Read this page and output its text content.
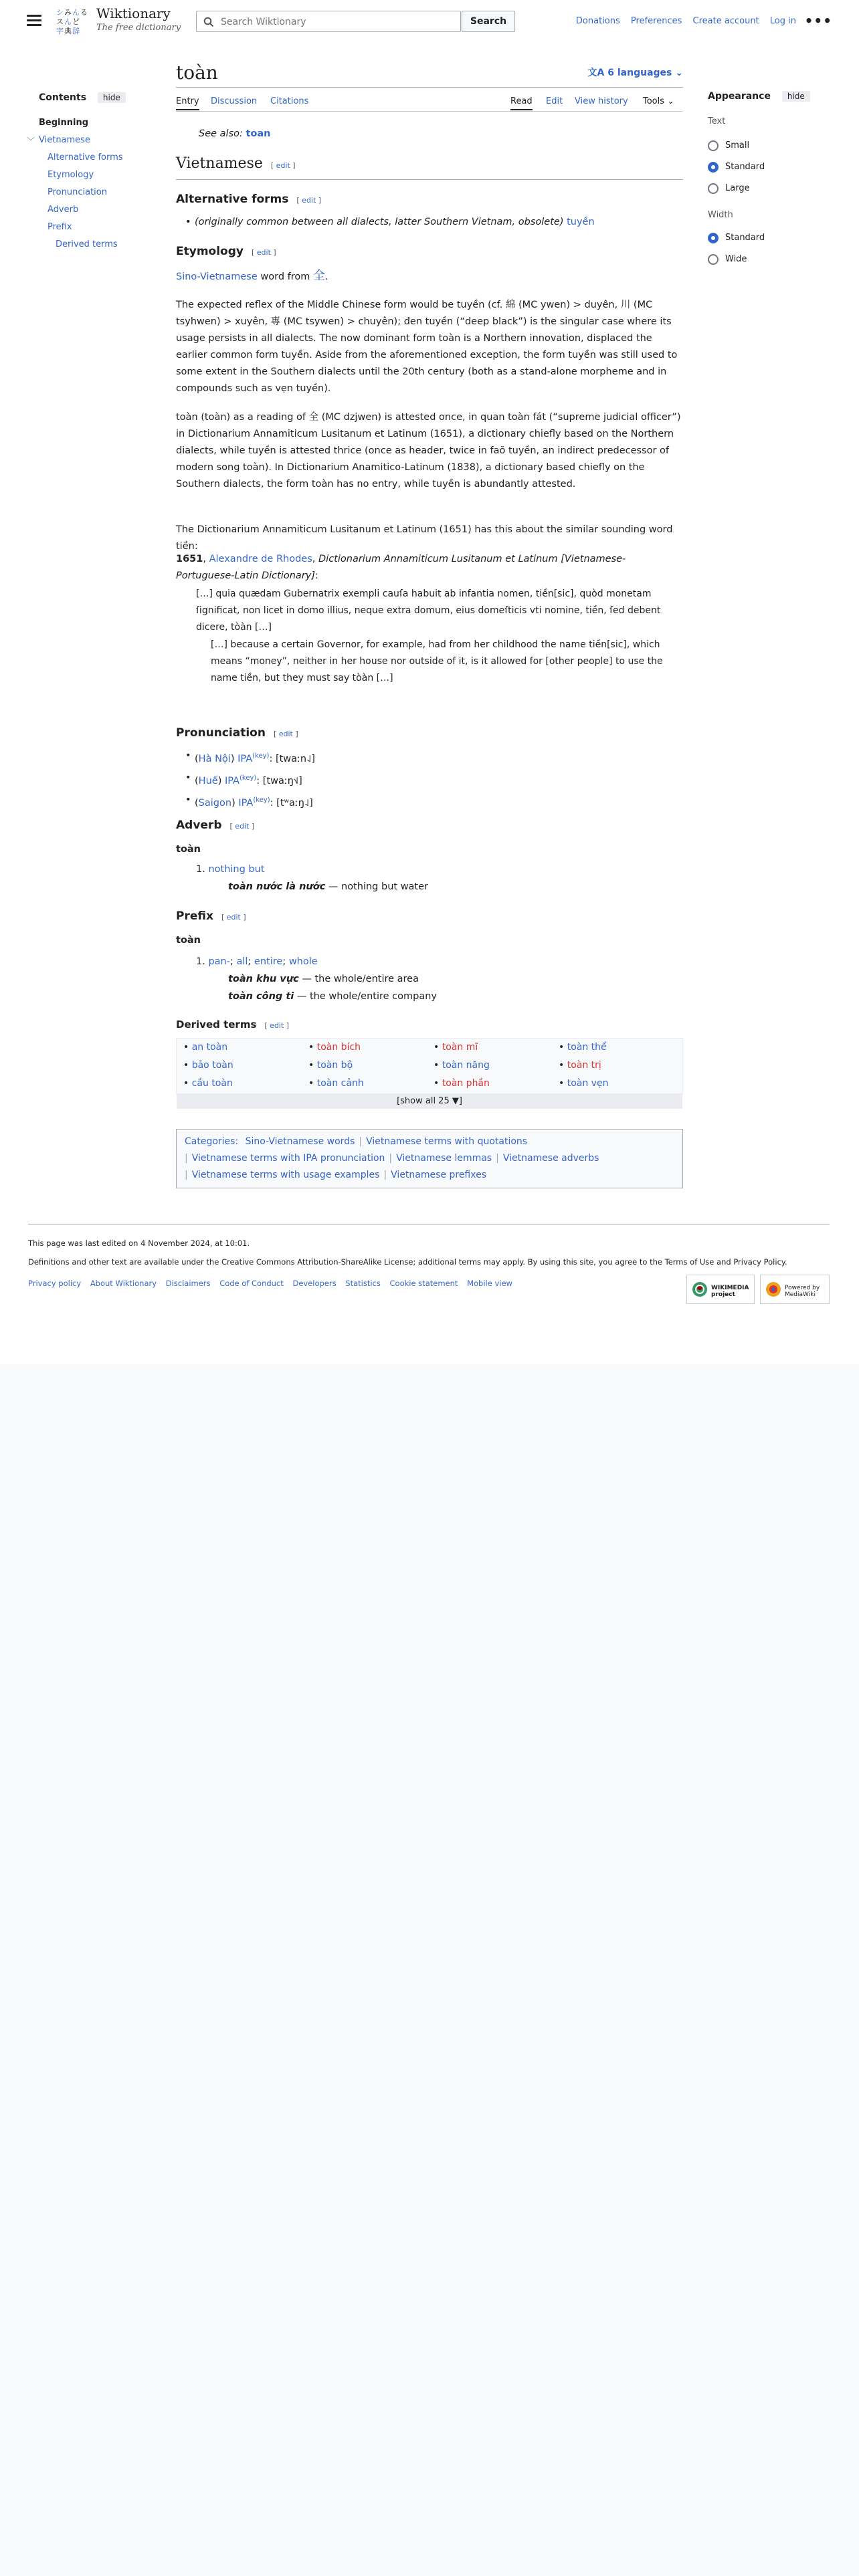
シ み ん る
ス ん ど
字 典 辞
Wiktionary
The free dictionary
Search Wiktionary
Search	Donations Preferences Create account Log in •••
Contents hide
Beginning
﹀ Vietnamese
Alternative forms
Etymology
Pronunciation
Adverb
Prefix
Derived terms
toàn	文A 6 languages ⌄
Entry Discussion Citations	Read Edit View history Tools ⌄
See also: toan
Vietnamese [ edit ]
Alternative forms [ edit ]
• (originally common between all dialects, latter Southern Vietnam, obsolete) tuyền
Etymology [ edit ]
Sino-Vietnamese word from 全.
The expected reflex of the Middle Chinese form would be tuyền (cf. 綿 (MC ywen) > duyên, 川 (MC tsyhwen) > xuyên, 專 (MC tsywen) > chuyên); đen tuyền (“deep black”) is the singular case where its usage persists in all dialects. The now dominant form toàn is a Northern innovation, displaced the earlier common form tuyền. Aside from the aforementioned exception, the form tuyền was still used to some extent in the Southern dialects until the 20th century (both as a stand-alone morpheme and in compounds such as vẹn tuyền).
toàn (toàn) as a reading of 全 (MC dzjwen) is attested once, in quan toàn fát (“supreme judicial officer”) in Dictionarium Annamiticum Lusitanum et Latinum (1651), a dictionary chiefly based on the Northern dialects, while tuyền is attested thrice (once as header, twice in faõ tuyền, an indirect predecessor of modern song toàn). In Dictionarium Anamitico-Latinum (1838), a dictionary based chiefly on the Southern dialects, the form toàn has no entry, while tuyền is abundantly attested.
The Dictionarium Annamiticum Lusitanum et Latinum (1651) has this about the similar sounding word tiền:
1651, Alexandre de Rhodes, Dictionarium Annamiticum Lusitanum et Latinum [Vietnamese-Portuguese-Latin Dictionary]:
[…] quia quædam Gubernatrix exempli cauſa habuit ab infantia nomen, tiền[sic], quòd monetam ſignificat, non licet in domo illius, neque extra domum, eius domeſticis vti nomine, tiền, ſed debent dicere, tòàn […]
[…] because a certain Governor, for example, had from her childhood the name tiền[sic], which means “money”, neither in her house nor outside of it, is it allowed for [other people] to use the name tiền, but they must say tòàn […]
Pronunciation [ edit ]
• (Hà Nội) $IPA^{(key)}$: [twaːn˨˩]
• (Huế) $IPA^{(key)}$: [twaːŋ˦˩]
• (Saigon) $IPA^{(key)}$: [tʷaːŋ˨˩]
Adverb [ edit ]
toàn
1. nothing but
toàn nước là nước — nothing but water
Prefix [ edit ]
toàn
1. pan-; all; entire; whole
toàn khu vực — the whole/entire area
toàn công ti — the whole/entire company
Derived terms [ edit ]
• an toàn
• bảo toàn
• cầu toàn
• toàn bích
• toàn bộ
• toàn cảnh
• toàn mĩ
• toàn năng
• toàn phần
• toàn thể
• toàn trị
• toàn vẹn
[show all 25 ▼]
Categories: Sino-Vietnamese words | Vietnamese terms with quotations
| Vietnamese terms with IPA pronunciation | Vietnamese lemmas | Vietnamese adverbs
| Vietnamese terms with usage examples | Vietnamese prefixes
Appearance hide
Text
Small
Standard
Large
Width
Standard
Wide
This page was last edited on 4 November 2024, at 10:01.
Definitions and other text are available under the Creative Commons Attribution-ShareAlike License; additional terms may apply. By using this site, you agree to the Terms of Use and Privacy Policy.
Privacy policy About Wiktionary Disclaimers Code of Conduct Developers Statistics Cookie statement Mobile view	WIKIMEDIA project
Powered by MediaWiki
